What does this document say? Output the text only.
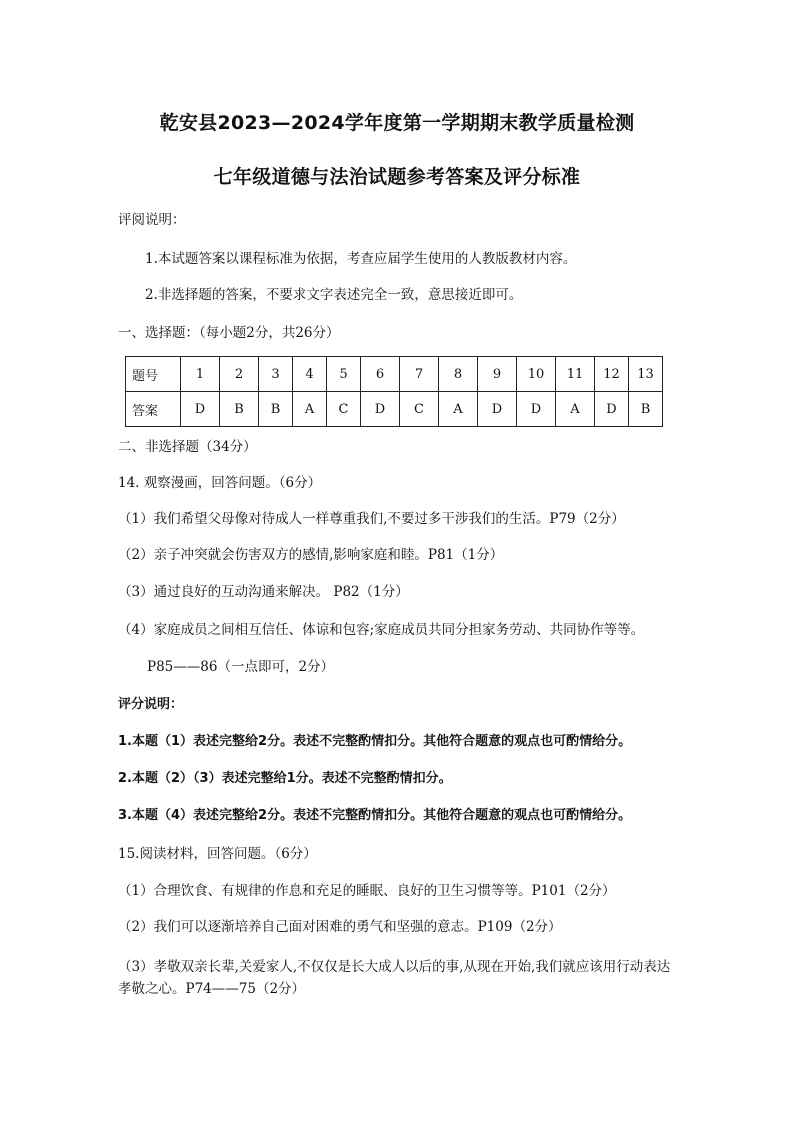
乾安县2023—2024学年度第一学期期末教学质量检测
七年级道德与法治试题参考答案及评分标准
评阅说明：
1.本试题答案以课程标准为依据，考查应届学生使用的人教版教材内容。
2.非选择题的答案，不要求文字表述完全一致，意思接近即可。
一、选择题：（每小题2分，共26分）
题号	1	2	3	4	5	6	7	8	9	10	11	12	13
答案	D	B	B	A	C	D	C	A	D	D	A	D	B
二、非选择题（34分）
14. 观察漫画，回答问题。（6分）
（1）我们希望父母像对待成人一样尊重我们,不要过多干涉我们的生活。P79（2分）
（2）亲子冲突就会伤害双方的感情,影响家庭和睦。P81（1分）
（3）通过良好的互动沟通来解决。 P82（1分）
（4）家庭成员之间相互信任、体谅和包容;家庭成员共同分担家务劳动、共同协作等等。
P85——86（一点即可，2分）
评分说明：
1.本题（1）表述完整给2分。表述不完整酌情扣分。其他符合题意的观点也可酌情给分。
2.本题（2）（3）表述完整给1分。表述不完整酌情扣分。
3.本题（4）表述完整给2分。表述不完整酌情扣分。其他符合题意的观点也可酌情给分。
15.阅读材料，回答问题。（6分）
（1）合理饮食、有规律的作息和充足的睡眠、良好的卫生习惯等等。P101（2分）
（2）我们可以逐渐培养自己面对困难的勇气和坚强的意志。P109（2分）
（3）孝敬双亲长辈,关爱家人,不仅仅是长大成人以后的事,从现在开始,我们就应该用行动表达孝敬之心。P74——75（2分）
